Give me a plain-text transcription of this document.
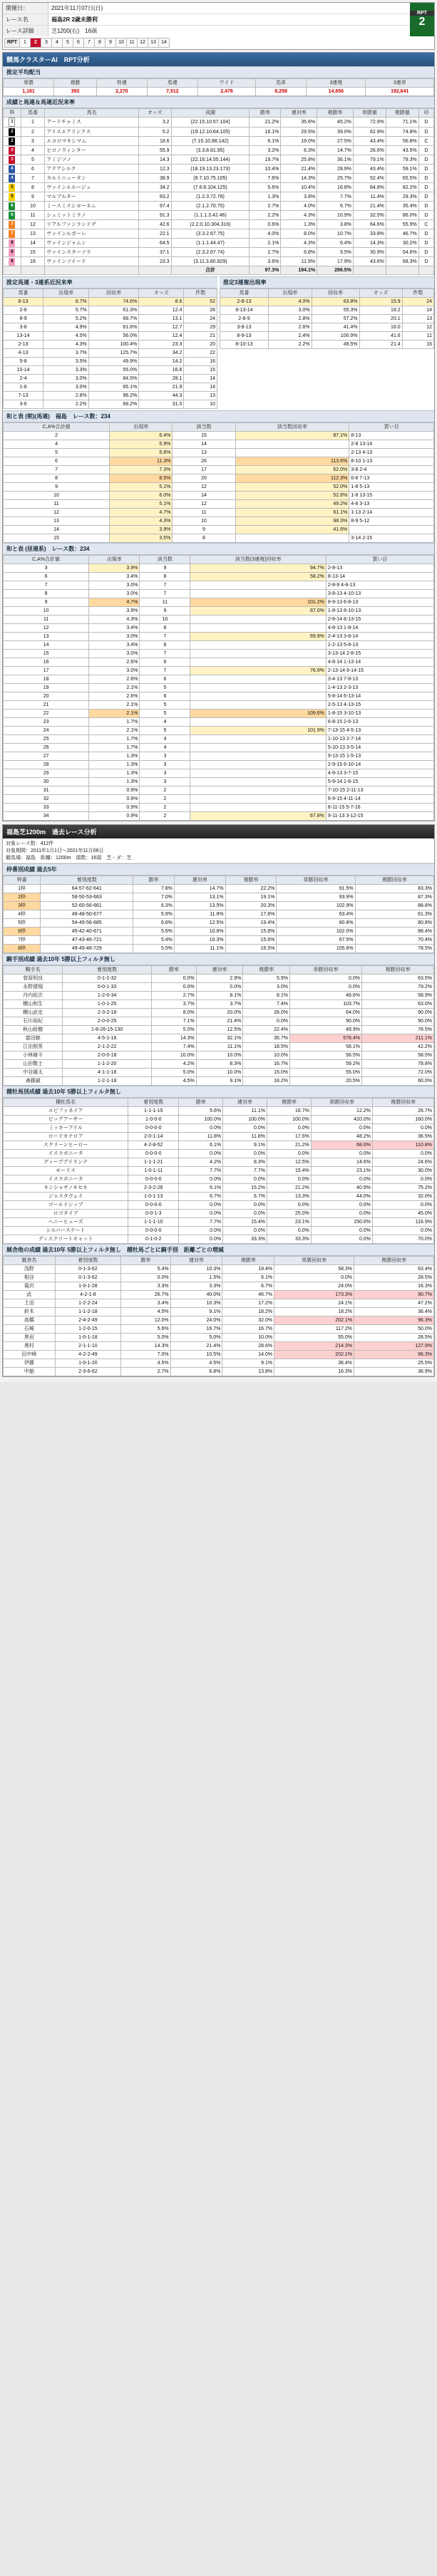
開催日：	2021年11月07日(日)
レース名	福島2R 2歳未勝利
レース詳細	芝1200(右)　16頭
RPT
2
RPT	1	2	3	4	5	6	7	8	9	10	11	12	13	14
競馬クラスターAI　RPT分析
推定平均配当
単勝	複勝	枠連	馬連	ワイド	馬単	3連複	3連単
1,161	393	2,270	7,512	2,476	8,258	14,656	192,641
成績と馬連＆馬連近況来率
枠	馬番	馬名	オッズ	成績	勝率	連対率	複勝率	単勝値	複勝値	印
1	1	アードチャミス	3.2	(22.15.10.57.104)	21.2%	35.6%	45.2%	72.9%	71.1%	D
2	2	アリスエアリンクス	5.2	(19.12.10.64.105)	18.1%	29.5%	39.0%	62.9%	74.8%	D
2	3	エコロマキシマム	18.6	(7.15.10.88.142)	6.1%	19.0%	27.5%	43.4%	56.8%	C
3	4	ヒロノウィンター	55.9	(3.3.8.81.95)	3.2%	6.3%	14.7%	26.6%	43.5%	D
3	5	アミジソノ	14.3	(22.16.14.55.144)	19.7%	25.8%	36.1%	79.1%	79.3%	D
4	6	アクアシルク	12.3	(18.19.13.23.173)	10.4%	21.4%	28.9%	43.4%	59.1%	D
4	7	カルトニュータン	38.9	(8.7.10.75.105)	7.6%	14.3%	25.7%	52.4%	65.5%	D
5	8	ヴァインルルージュ	34.2	(7.6.8.104.125)	5.6%	10.4%	16.8%	84.8%	82.2%	D
5	9	マルブルター	83.2	(1.2.3.72.78)	1.3%	3.8%	7.7%	11.4%	29.3%	D
6	10	ミースミスシヨーネム	97.4	(2.1.2.70.75)	2.7%	4.0%	6.7%	21.4%	35.4%	D
6	11	シュミットミラノ	91.3	(1.1.1.3.42.46)	2.2%	4.3%	10.9%	32.5%	86.0%	D
7	12	リアルファンランドデ	42.6	(2.2.0.10.304.316)	0.6%	1.3%	3.8%	64.6%	55.9%	C
7	13	ヴァインルガーレ	22.1	(3.3.2.67.75)	4.0%	8.0%	10.7%	33.8%	46.7%	D
8	14	ヴァインジャムン	64.5	(1.1.1.44.47)	2.1%	4.3%	6.4%	14.3%	30.2%	D
8	15	ヴァインスターソラ	37.1	(2.3.2.67.74)	2.7%	6.8%	9.5%	30.9%	54.6%	D
8	16	ヴァインソイード	23.3	(3.11.3.80.829)	3.6%	11.9%	17.9%	43.6%	68.3%	D
				合計	97.3%	194.1%	286.5%			
推定馬連・3連系近況来率
馬番	出現率	回収率	オッズ	件数
8-13	8.7%	74.6%	8.6	52
2-8	5.7%	61.3%	12.4	26
8-9	5.2%	68.7%	13.1	24
3-8	4.9%	61.6%	12.7	29
13-14	4.5%	56.0%	12.4	21
2-13	4.3%	100.4%	23.3	20
4-13	3.7%	125.7%	34.2	22
5-8	3.5%	49.9%	14.2	16
10-14	3.3%	55.0%	16.6	15
2-4	3.0%	84.5%	28.1	14
1-8	3.0%	65.1%	21.9	14
7-13	2.8%	96.2%	44.3	13
3-6	2.2%	68.2%	31.0	10
推定3連複出現率
馬番	出現率	回収率	オッズ	件数
2-8-13	4.0%	63.8%	15.9	24
8-13-14	3.0%	55.3%	18.2	14
2-8-9	2.8%	57.2%	20.1	13
3-8-13	2.6%	41.4%	16.0	12
8-9-13	2.4%	100.9%	41.6	11
8-10-13	2.2%	49.5%	21.4	16
和と表 (朝)(馬連)　福島　レース数：234
C,A%合計値	出現率	該当数	該当数回収率	買い目
2	6.4%	15	87.1%	8-13
4	5.9%	14		2-8 13-14
5	5.6%	13		2-13 4-13
6	11.3%	26	113.6%	8-10 1-13
7	7.3%	17	62.0%	3-8 2-4
8	8.5%	20	112.3%	6-8 7-13
9	5.1%	12	52.0%	1-8 5-13
10	6.0%	14	52.6%	1-8 13-15
11	5.1%	12	49.2%	4-8 3-13
12	4.7%	11	61.1%	1-13 2-14
13	4.3%	10	98.3%	8-9 5-12
14	3.9%	9	41.6%	
15	3.5%	8		3-14 2-15
和と表 (昼連系)　レース数：234
C,A%合計値	出現率	該当数	該当数(3連複)回収率	買い目
3	3.9%	9	94.7%	2-8-13
6	3.4%	8	58.2%	8-13-14
7	3.0%	7		2-8-9 4-8-13
8	3.0%	7		3-8-13 4-10-13
9	4.7%	11	101.2%	8-9-13 6-8-13
10	3.9%	9	87.0%	1-8-13 8-10-13
11	4.3%	10		2-8-14 8-13-15
12	3.4%	8		4-8-13 1-8-14
13	3.0%	7	69.9%	2-4-13 3-8-14
14	3.4%	8		1-2-13 5-8-13
15	3.0%	7		3-13-14 2-8-15
16	2.6%	6		4-8-14 1-13-14
17	3.0%	7	76.9%	2-13-14 8-14-15
18	2.6%	6		3-4-13 7-8-13
19	2.1%	5		1-4-13 2-3-13
20	2.6%	6		5-8-14 6-13-14
21	2.1%	5		2-5-13 4-13-15
22	2.1%	5	109.6%	1-8-15 3-10-13
23	1.7%	4		6-8-15 2-6-13
24	2.1%	5	101.9%	7-13-15 4-5-13
25	1.7%	4		1-10-13 2-7-14
26	1.7%	4		5-10-13 3-5-14
27	1.3%	3		9-13-15 1-5-13
28	1.3%	3		2-9-15 6-10-14
29	1.3%	3		4-9-13 3-7-15
30	1.3%	3		5-9-14 1-6-15
31	0.9%	2		7-10-15 2-11-13
32	0.9%	2		6-9-15 4-11-14
33	0.9%	2		8-11-15 5-7-16
34	0.9%	2	67.8%	9-11-13 3-12-15
福島芝1200m　過去レース分析
対象レース数：412件
対象期間：2011年1月1日〜2021年11月06日
競馬場：福島　距離：1200m　頭数：16頭　芝・ダ：芝
枠番別成績 過去5年
枠番	着別度数	勝率	連対率	複勝率	単勝回収率	複勝回収率
1枠	64-57-62-641	7.8%	14.7%	22.2%	91.5%	83.3%
2枠	58-50-53-663	7.0%	13.1%	19.1%	93.9%	87.3%
3枠	52-60-56-661	6.3%	13.5%	20.3%	102.9%	88.8%
4枠	49-48-50-677	5.9%	11.8%	17.8%	63.4%	61.3%
5枠	54-49-56-685	6.6%	12.5%	19.4%	80.8%	80.8%
6枠	45-42-40-671	5.6%	10.8%	15.8%	102.0%	88.4%
7枠	47-43-46-721	5.4%	10.3%	15.6%	67.5%	70.4%
8枠	49-49-48-729	5.5%	11.1%	16.5%	105.6%	78.5%
騎手別成績 過去10年 5勝以上フィルタ無し
騎手名	着別度数	勝率	連対率	複勝率	単勝回収率	複勝回収率
菅原明良	0-1-1-32	0.0%	2.9%	5.9%	0.0%	63.5%
永野猪規	0-0-1-33	0.0%	0.0%	3.0%	0.0%	79.2%
丹内祐次	1-2-0-34	2.7%	8.1%	8.1%	48.6%	58.9%
横山和生	1-0-1-25	3.7%	3.7%	7.4%	103.7%	63.0%
横山武史	2-3-2-18	8.0%	20.0%	28.0%	64.0%	90.0%
石川裕紀	2-0-0-25	7.1%	21.4%	0.0%	90.0%	90.0%
秋山稔樹	1-8-26-15-130	5.0%	12.5%	22.4%	49.9%	78.5%
富田暁	4-5-1-18	14.3%	32.1%	35.7%	578.4%	211.1%
江田照男	2-1-2-22	7.4%	11.1%	18.5%	58.1%	42.2%
小林脩斗	2-0-0-18	10.0%	10.0%	10.0%	56.5%	58.5%
山田敬士	1-1-2-20	4.2%	8.3%	16.7%	59.2%	78.8%
中谷雄太	4-1-1-18	5.0%	10.0%	15.0%	55.0%	72.0%
斎藤誠	1-2-1-18	4.5%	9.1%	18.2%	20.5%	60.0%
種牡馬別成績 過去10年 5勝以上フィルタ無し
種牡馬名	着別度数	勝率	連対率	複勝率	単勝回収率	複勝回収率
エピファネイア	1-1-1-15	5.6%	11.1%	16.7%	12.2%	26.7%
ビッグアーサー	1-0-0-0	100.0%	100.0%	100.0%	420.0%	160.0%
ミッキーアイル	0-0-0-0	0.0%	0.0%	0.0%	0.0%	0.0%
ロードカナロア	2-0-1-14	11.8%	11.8%	17.6%	48.2%	36.5%
スクリーンヒーロー	4-2-8-52	6.1%	9.1%	21.2%	68.0%	110.8%
イスラボニータ	0-0-0-0	0.0%	0.0%	0.0%	0.0%	0.0%
ディープブリランテ	1-1-1-21	4.2%	8.3%	12.5%	14.6%	24.6%
モーリス	1-0-1-11	7.7%	7.7%	15.4%	23.1%	30.0%
イスラボニータ	0-0-0-0	0.0%	0.0%	0.0%	0.0%	0.0%
キンシャサノキセキ	2-3-2-26	6.1%	15.2%	21.2%	40.9%	75.2%
ジャスタウェイ	1-0-1-13	6.7%	6.7%	13.3%	44.0%	32.0%
ゴールドシップ	0-0-0-0	0.0%	0.0%	0.0%	0.0%	0.0%
ロゴタイプ	0-0-1-3	0.0%	0.0%	25.0%	0.0%	45.0%
ヘニーヒューズ	1-1-1-10	7.7%	15.4%	23.1%	150.0%	116.9%
シルバーステート	0-0-0-0	0.0%	0.0%	0.0%	0.0%	0.0%
ディスクリートキャット	0-1-0-2	0.0%	33.3%	33.3%	0.0%	70.0%
厩舎他の成績 過去10年 5勝以上フィルタ無し　種牡馬ごとに騎手別　距離ごとの増減
厩舎名	着別度数	勝率	連対率	複勝率	単勝回収率	複勝回収率
浅野	0-1-3-62	5.4%	10.3%	19.4%	58.3%	63.4%
相谷	0-1-3-62	0.0%	1.5%	6.1%	0.0%	28.5%
菊沢	1-0-1-28	3.3%	3.3%	6.7%	24.0%	16.3%
武	4-2-1-8	26.7%	40.0%	46.7%	173.3%	90.7%
土田	1-2-2-24	3.4%	10.3%	17.2%	24.1%	47.2%
鈴木	1-1-2-18	4.5%	9.1%	18.2%	18.2%	36.4%
高橋	2-4-2-49	12.0%	24.0%	32.0%	202.1%	96.3%
石崎	1-2-0-15	5.6%	16.7%	16.7%	117.2%	50.0%
黒岩	1-0-1-18	5.0%	5.0%	10.0%	55.0%	28.5%
奥村	2-1-1-10	14.3%	21.4%	28.6%	214.3%	127.9%
田中峰	4-2-2-49	7.0%	10.5%	14.0%	202.1%	96.3%
伊藤	1-0-1-20	4.5%	4.5%	9.1%	36.4%	25.5%
中舘	2-3-6-62	2.7%	6.8%	13.8%	16.3%	36.9%
